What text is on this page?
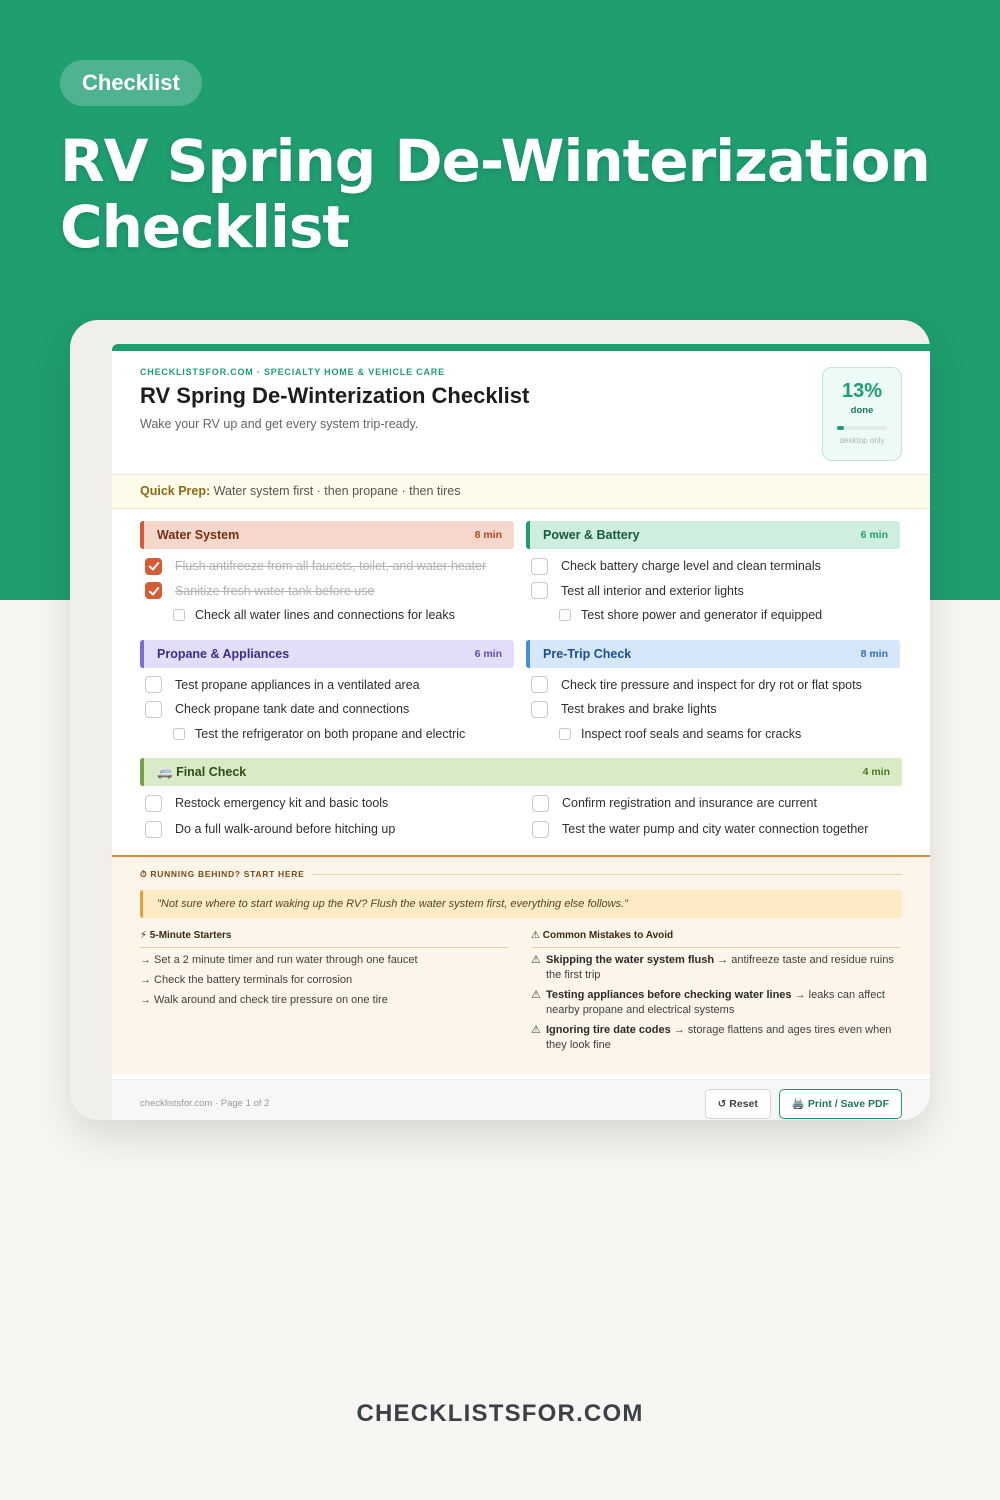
Checklist
RV Spring De-Winterization Checklist
CHECKLISTSFOR.COM · SPECIALTY HOME & VEHICLE CARE
RV Spring De-Winterization Checklist
Wake your RV up and get every system trip-ready.
13%
done
desktop only
Quick Prep: Water system first · then propane · then tires
Water System	8 min
Flush antifreeze from all faucets, toilet, and water heater
Sanitize fresh water tank before use
Check all water lines and connections for leaks
Power & Battery	6 min
Check battery charge level and clean terminals
Test all interior and exterior lights
Test shore power and generator if equipped
Propane & Appliances	6 min
Test propane appliances in a ventilated area
Check propane tank date and connections
Test the refrigerator on both propane and electric
Pre-Trip Check	8 min
Check tire pressure and inspect for dry rot or flat spots
Test brakes and brake lights
Inspect roof seals and seams for cracks
🚐 Final Check	4 min
Restock emergency kit and basic tools	Confirm registration and insurance are current
Do a full walk-around before hitching up	Test the water pump and city water connection together
⏱ RUNNING BEHIND? START HERE
"Not sure where to start waking up the RV? Flush the water system first, everything else follows."
⚡ 5-Minute Starters
→ Set a 2 minute timer and run water through one faucet
→ Check the battery terminals for corrosion
→ Walk around and check tire pressure on one tire
⚠ Common Mistakes to Avoid
⚠ Skipping the water system flush → antifreeze taste and residue ruins the first trip
⚠ Testing appliances before checking water lines → leaks can affect nearby propane and electrical systems
⚠ Ignoring tire date codes → storage flattens and ages tires even when they look fine
checklistsfor.com · Page 1 of 2	↺ Reset	🖨️ Print / Save PDF
CHECKLISTSFOR.COM
